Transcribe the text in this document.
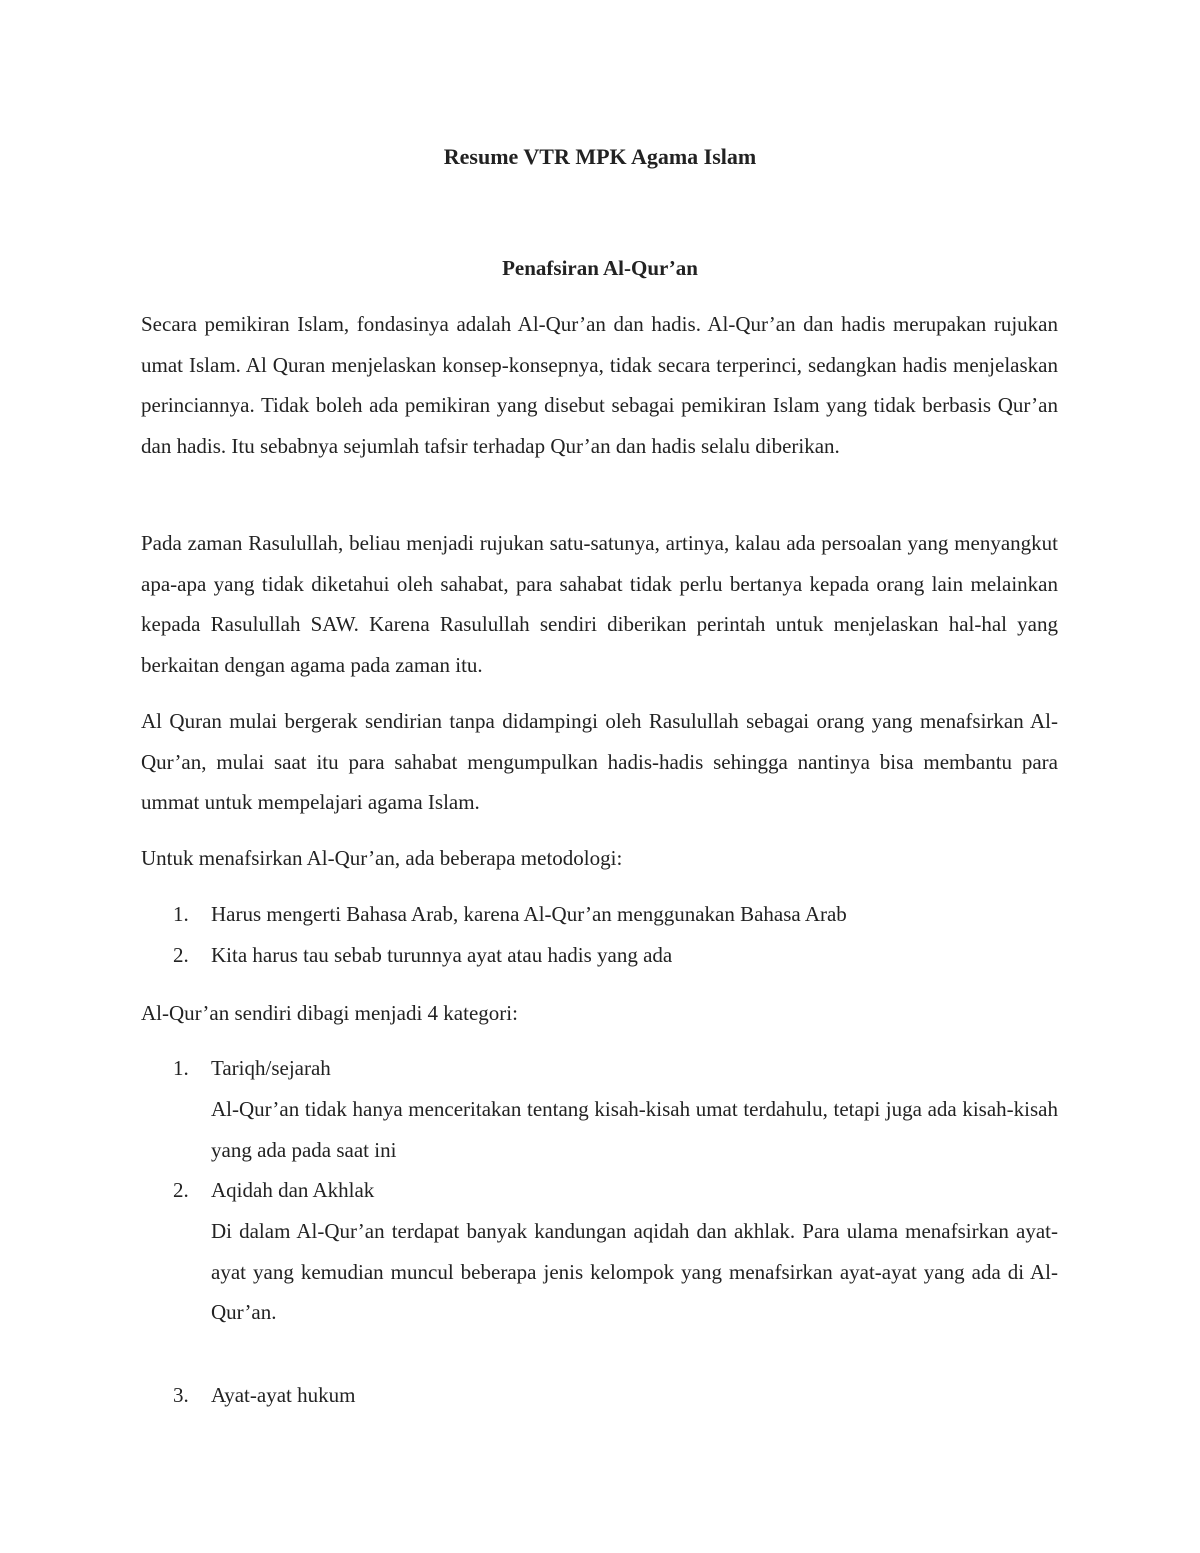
Resume VTR MPK Agama Islam
Penafsiran Al-Qur’an

Secara pemikiran Islam, fondasinya adalah Al-Qur’an dan hadis. Al-Qur’an dan hadis merupakan rujukan umat Islam. Al Quran menjelaskan konsep-konsepnya, tidak secara terperinci, sedangkan hadis menjelaskan perinciannya. Tidak boleh ada pemikiran yang disebut sebagai pemikiran Islam yang tidak berbasis Qur’an dan hadis. Itu sebabnya sejumlah tafsir terhadap Qur’an dan hadis selalu diberikan.

Pada zaman Rasulullah, beliau menjadi rujukan satu-satunya, artinya, kalau ada persoalan yang menyangkut apa-apa yang tidak diketahui oleh sahabat, para sahabat tidak perlu bertanya kepada orang lain melainkan kepada Rasulullah SAW. Karena Rasulullah sendiri diberikan perintah untuk menjelaskan hal-hal yang berkaitan dengan agama pada zaman itu.

Al Quran mulai bergerak sendirian tanpa didampingi oleh Rasulullah sebagai orang yang menafsirkan Al-Qur’an, mulai saat itu para sahabat mengumpulkan hadis-hadis sehingga nantinya bisa membantu para ummat untuk mempelajari agama Islam.

Untuk menafsirkan Al-Qur’an, ada beberapa metodologi:

1. Harus mengerti Bahasa Arab, karena Al-Qur’an menggunakan Bahasa Arab
2. Kita harus tau sebab turunnya ayat atau hadis yang ada

Al-Qur’an sendiri dibagi menjadi 4 kategori:

1. Tariqh/sejarah

Al-Qur’an tidak hanya menceritakan tentang kisah-kisah umat terdahulu, tetapi juga ada kisah-kisah yang ada pada saat ini

2. Aqidah dan Akhlak

Di dalam Al-Qur’an terdapat banyak kandungan aqidah dan akhlak. Para ulama menafsirkan ayat-ayat yang kemudian muncul beberapa jenis kelompok yang menafsirkan ayat-ayat yang ada di Al-Qur’an.

3. Ayat-ayat hukum
